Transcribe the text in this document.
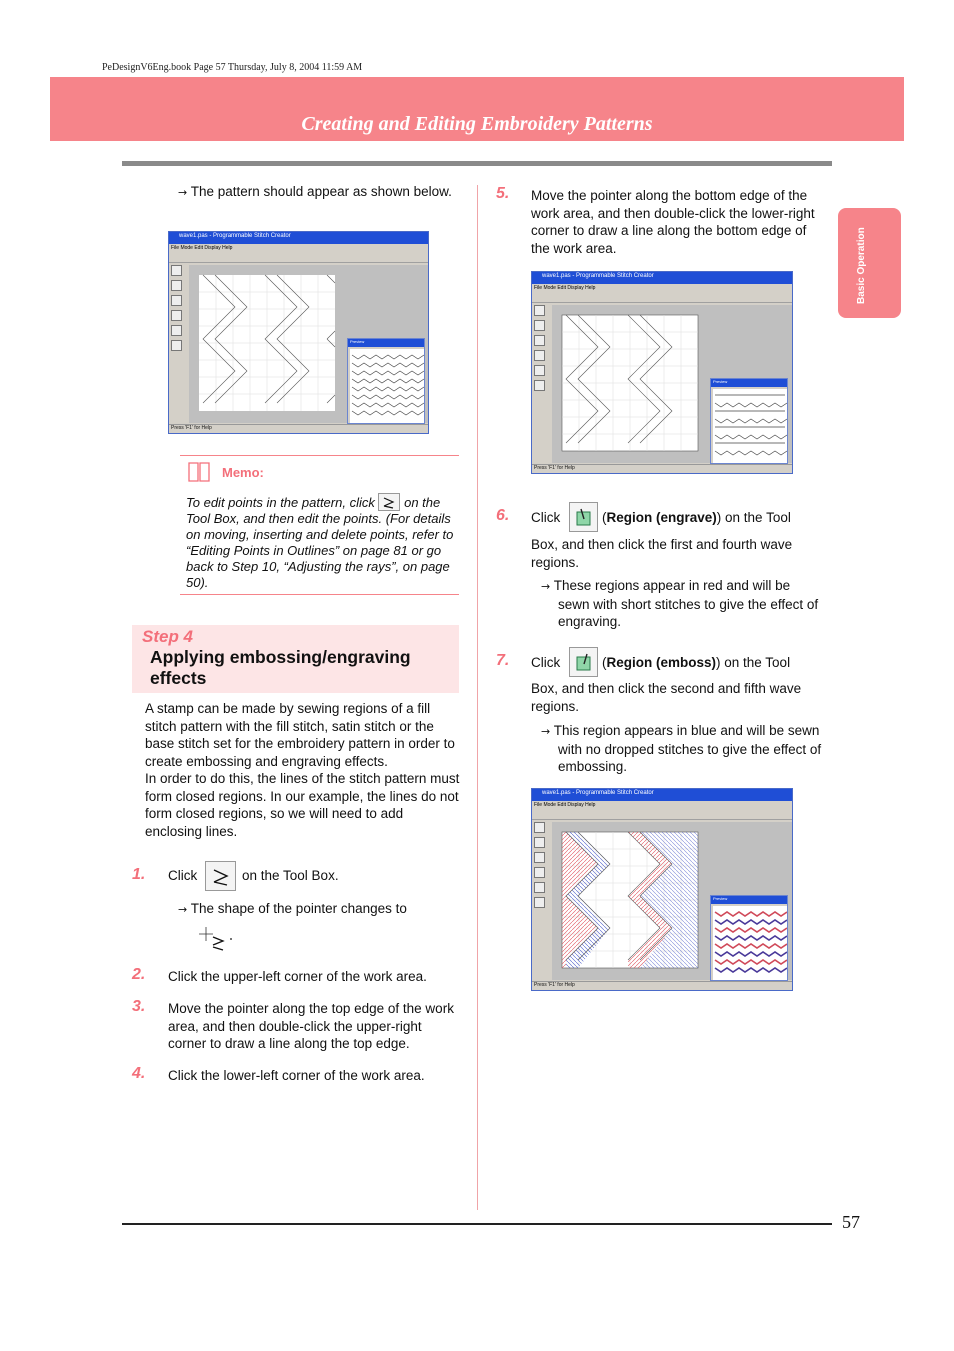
PeDesignV6Eng.book Page 57 Thursday, July 8, 2004 11:59 AM
Creating and Editing Embroidery Patterns
Basic Operation
→ The pattern should appear as shown below.
wave1.pas - Programmable Stitch Creator
File Mode Edit Display Help
Preview
Press 'F1' for Help
Memo:
To edit points in the pattern, click on the Tool Box, and then edit the points. (For details on moving, inserting and delete points, refer to “Editing Points in Outlines” on page 81 or go back to Step 10, “Adjusting the rays”, on page 50).
Step 4
Applying embossing/engraving effects
A stamp can be made by sewing regions of a fill stitch pattern with the fill stitch, satin stitch or the base stitch set for the embroidery pattern in order to create embossing and engraving effects.
In order to do this, the lines of the stitch pattern must form closed regions. In our example, the lines do not form closed regions, so we will need to add enclosing lines.
1. Click	on the Tool Box.
→ The shape of the pointer changes to
2. Click the upper-left corner of the work area.
3. Move the pointer along the top edge of the work area, and then double-click the upper-right corner to draw a line along the top edge.
4. Click the lower-left corner of the work area.
5. Move the pointer along the bottom edge of the work area, and then double-click the lower-right corner to draw a line along the bottom edge of the work area.
wave1.pas - Programmable Stitch Creator
File Mode Edit Display Help
Preview
Press 'F1' for Help
6. Click	(Region (engrave)) on the Tool
Box, and then click the first and fourth wave regions.
→ These regions appear in red and will be sewn with short stitches to give the effect of engraving.
7. Click	(Region (emboss)) on the Tool
Box, and then click the second and fifth wave regions.
→ This region appears in blue and will be sewn with no dropped stitches to give the effect of embossing.
wave1.pas - Programmable Stitch Creator
File Mode Edit Display Help
Preview
Press 'F1' for Help
57
